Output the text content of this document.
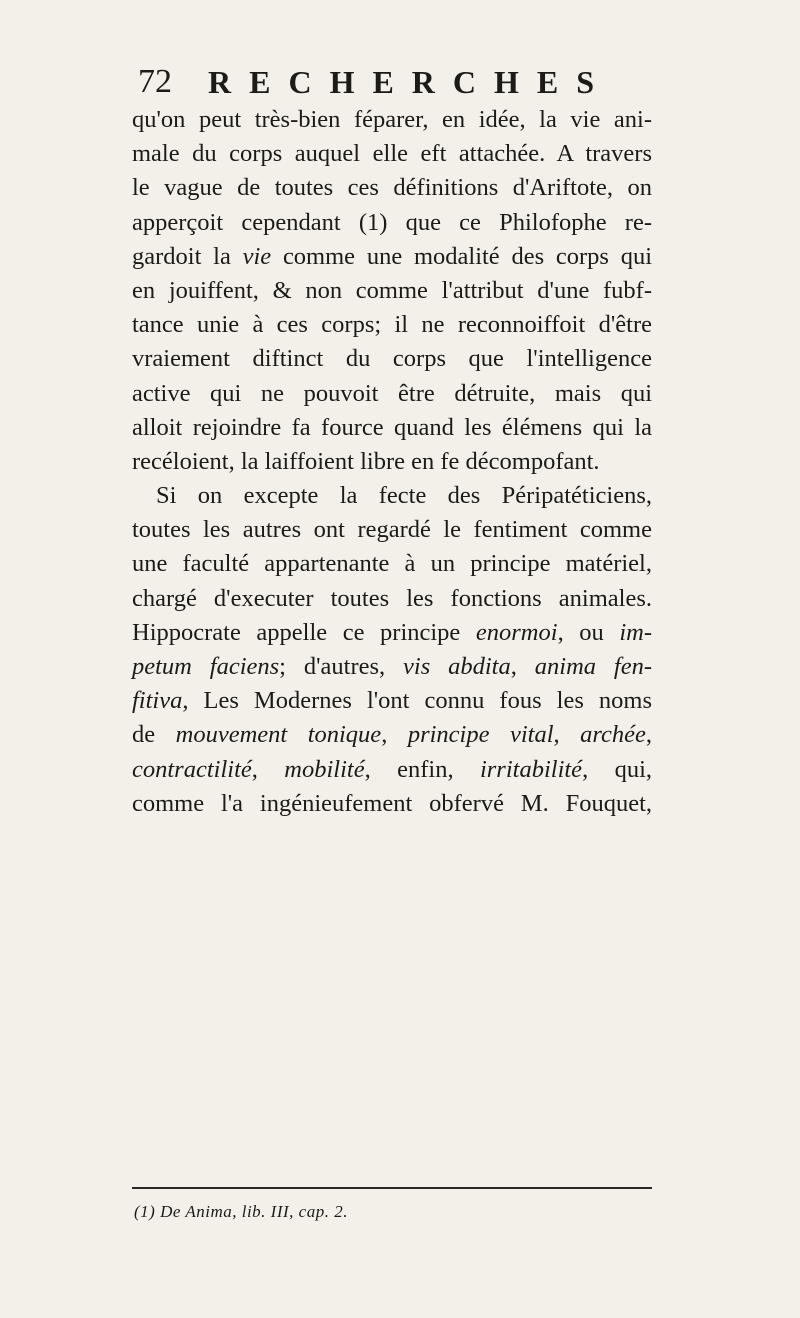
72 RECHERCHES
qu'on peut très-bien féparer, en idée, la vie ani-
male du corps auquel elle eft attachée. A travers
le vague de toutes ces définitions d'Ariftote, on
apperçoit cependant (1) que ce Philofophe re-
gardoit la vie comme une modalité des corps qui
en jouiffent, & non comme l'attribut d'une fubf-
tance unie à ces corps; il ne reconnoiffoit d'être
vraiement diftinct du corps que l'intelligence
active qui ne pouvoit être détruite, mais qui
alloit rejoindre fa fource quand les élémens qui la
recéloient, la laiffoient libre en fe décompofant.
Si on excepte la fecte des Péripatéticiens,
toutes les autres ont regardé le fentiment comme
une faculté appartenante à un principe matériel,
chargé d'executer toutes les fonctions animales.
Hippocrate appelle ce principe enormoi, ou im-
petum faciens; d'autres, vis abdita, anima fen-
fitiva, Les Modernes l'ont connu fous les noms
de mouvement tonique, principe vital, archée,
contractilité, mobilité, enfin, irritabilité, qui,
comme l'a ingénieufement obfervé M. Fouquet,
(1) De Anima, lib. III, cap. 2.
